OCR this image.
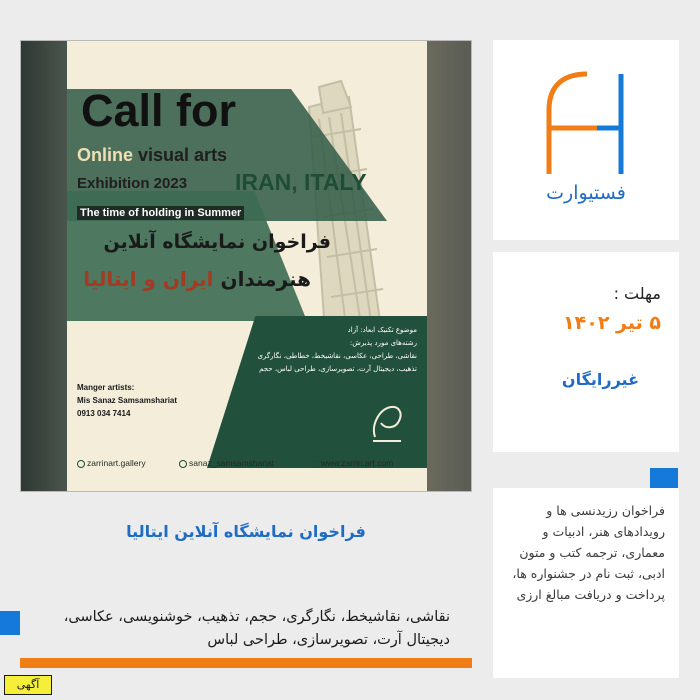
Call for
Online visual arts
Exhibition 2023 IRAN, ITALY
The time of holding in Summer
فراخوان نمایشگاه آنلاین
هنرمندان ایران و ایتالیا
موضوع تکنیک ابعاد: آزاد
رشته‌های مورد پذیرش:
نقاشی، طراحی، عکاسی، نقاشیخط، خطاطی، نگارگری
تذهیب، دیجیتال آرت، تصویرسازی، طراحی لباس، حجم
Manger artists:
Mis Sanaz Samsamshariat
0913 034 7414
zarrinart.gallery	sanaz_samsamshariat	www.zarrin.art.com
فستیوارت
مهلت :
۵ تیر ۱۴۰۲
غیررایگان
فراخوان رزیدنسی ها و رویدادهای هنر، ادبیات و معماری، ترجمه کتب و متون ادبی، ثبت نام در جشنواره ها، پرداخت و دریافت مبالغ ارزی
فراخوان نمایشگاه آنلاین ایتالیا
نقاشی، نقاشیخط، نگارگری، حجم، تذهیب، خوشنویسی، عکاسی، دیجیتال آرت، تصویرسازی، طراحی لباس
آگهی
